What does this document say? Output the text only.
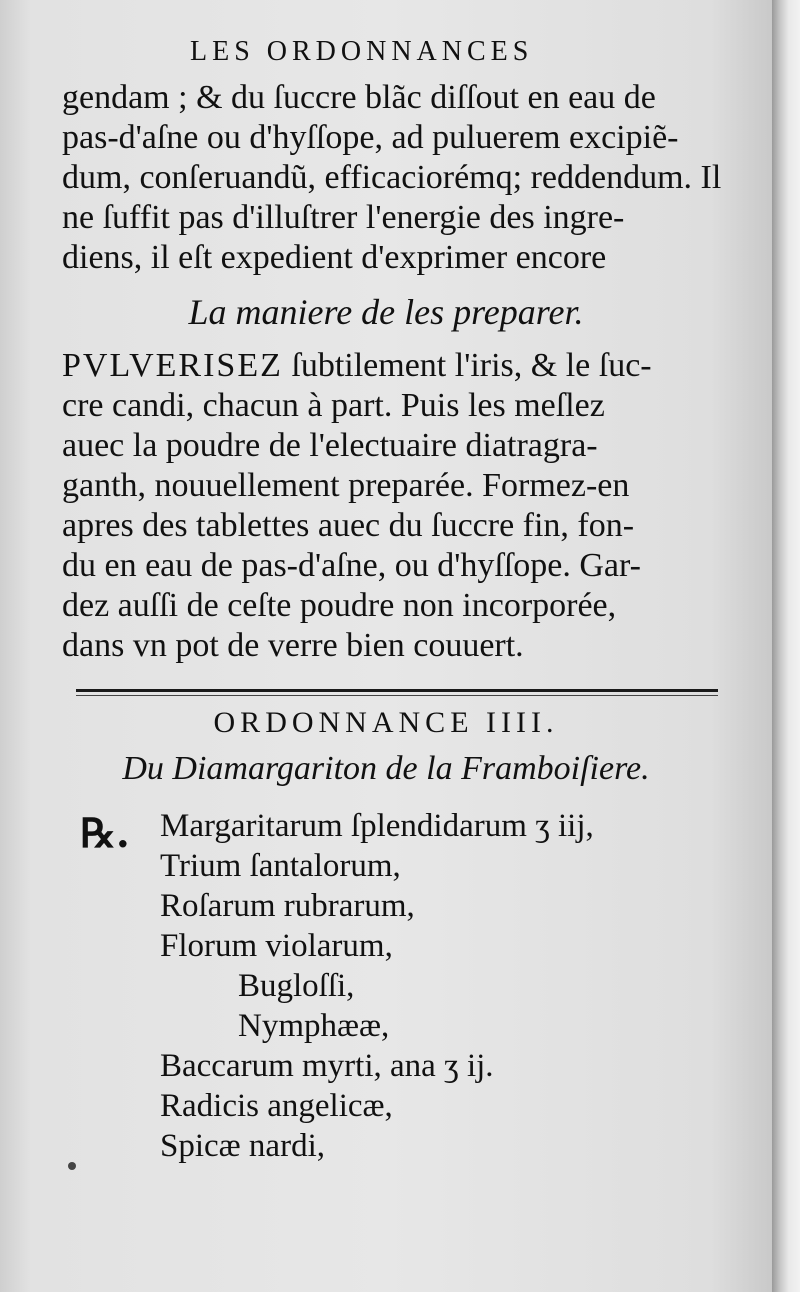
LES ORDONNANCES
gendam ; & du ſuccre blãc diſſout en eau de
pas-d'aſne ou d'hyſſope, ad puluerem excipiẽ-
dum, conſeruandũ, efficaciorémq; reddendum. Il
ne ſuffit pas d'illuſtrer l'energie des ingre-
diens, il eſt expedient d'exprimer encore
La maniere de les preparer.
PVLVERISEZ ſubtilement l'iris, & le ſuc-
cre candi, chacun à part. Puis les meſlez
auec la poudre de l'electuaire diatragra-
ganth, nouuellement preparée. Formez-en
apres des tablettes auec du ſuccre fin, fon-
du en eau de pas-d'aſne, ou d'hyſſope. Gar-
dez auſſi de ceſte poudre non incorporée,
dans vn pot de verre bien couuert.
ORDONNANCE IIII.
Du Diamargariton de la Framboiſiere.
℞. Margaritarum ſplendidarum ʒ iij,
Trium ſantalorum,
Roſarum rubrarum,
Florum violarum,
Bugloſſi,
Nymphææ,
Baccarum myrti, ana ʒ ij.
Radicis angelicæ,
Spicæ nardi,
